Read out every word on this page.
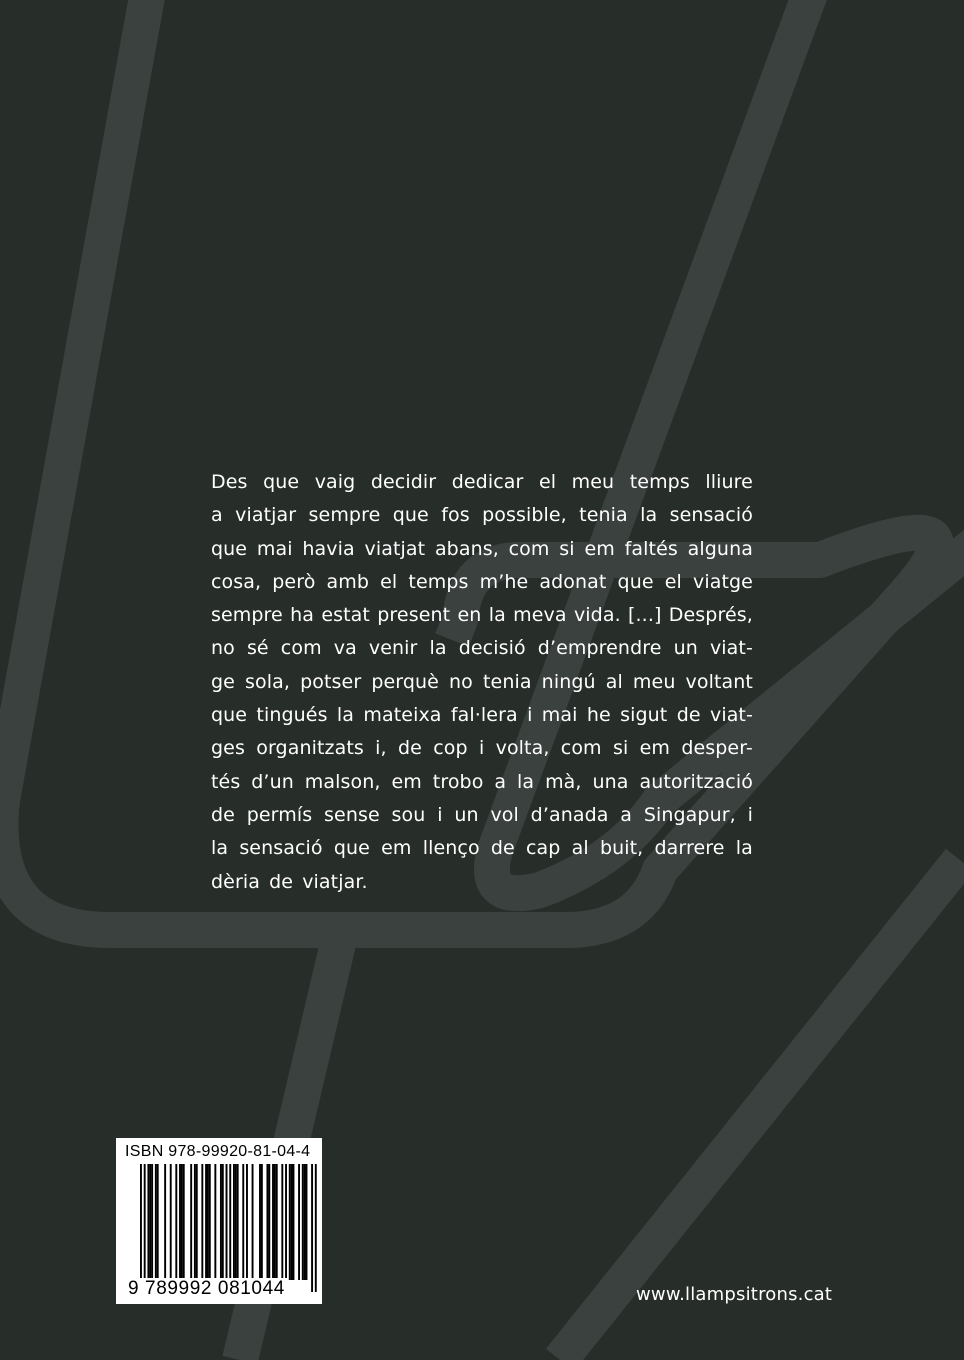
Des que vaig decidir dedicar el meu temps lliure
a viatjar sempre que fos possible, tenia la sensació
que mai havia viatjat abans, com si em faltés alguna
cosa, però amb el temps m’he adonat que el viatge
sempre ha estat present en la meva vida. [...] Després,
no sé com va venir la decisió d’emprendre un viat-
ge sola, potser perquè no tenia ningú al meu voltant
que tingués la mateixa fal·lera i mai he sigut de viat-
ges organitzats i, de cop i volta, com si em desper-
tés d’un malson, em trobo a la mà, una autorització
de permís sense sou i un vol d’anada a Singapur, i
la sensació que em llenço de cap al buit, darrere la
dèria de viatjar.
ISBN 978-99920-81-04-4
9 789992 081044	www.llampsitrons.cat
